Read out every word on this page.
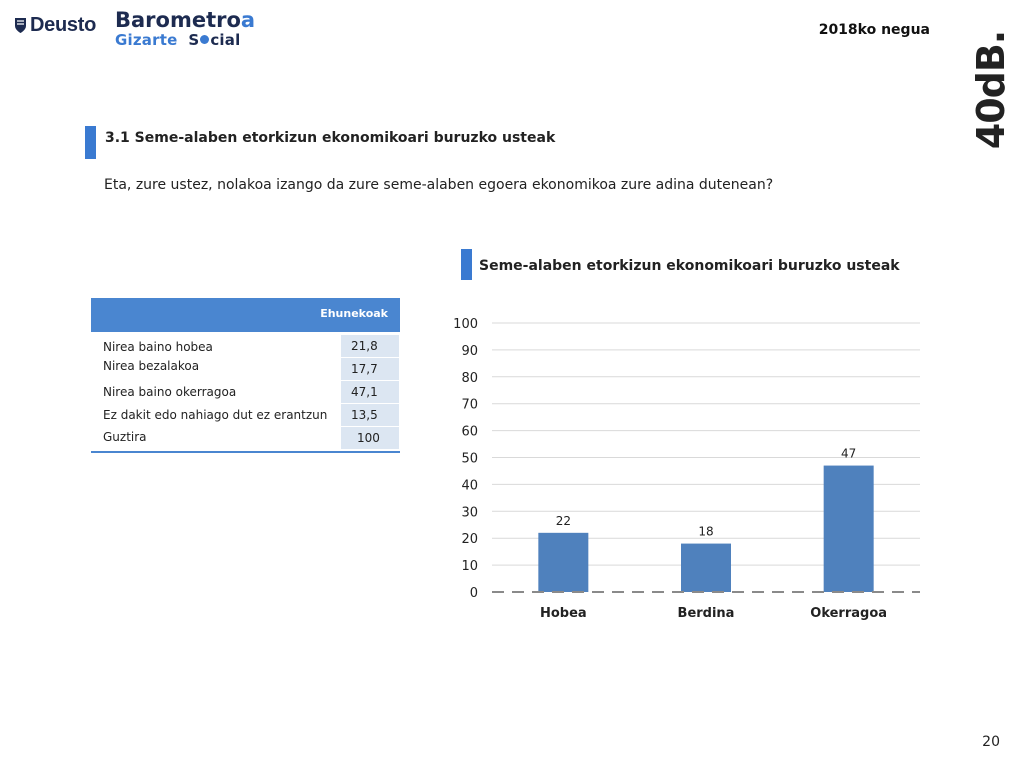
Deusto Barometroa
Gizarte S cial
2018ko negua
40dB.
3.1 Seme-alaben etorkizun ekonomikoari buruzko usteak
Eta, zure ustez, nolakoa izango da zure seme-alaben egoera ekonomikoa zure adina dutenean?
Ehunekoak
Nirea baino hobea	21,8
Nirea bezalakoa	17,7
Nirea baino okerragoa	47,1
Ez dakit edo nahiago dut ez erantzun	13,5
Guztira	100
Seme-alaben etorkizun ekonomikoari buruzko usteak
0
10
20
30
40
50
60
70
80
90
100
22
18
47
Hobea	Berdina	Okerragoa
20
